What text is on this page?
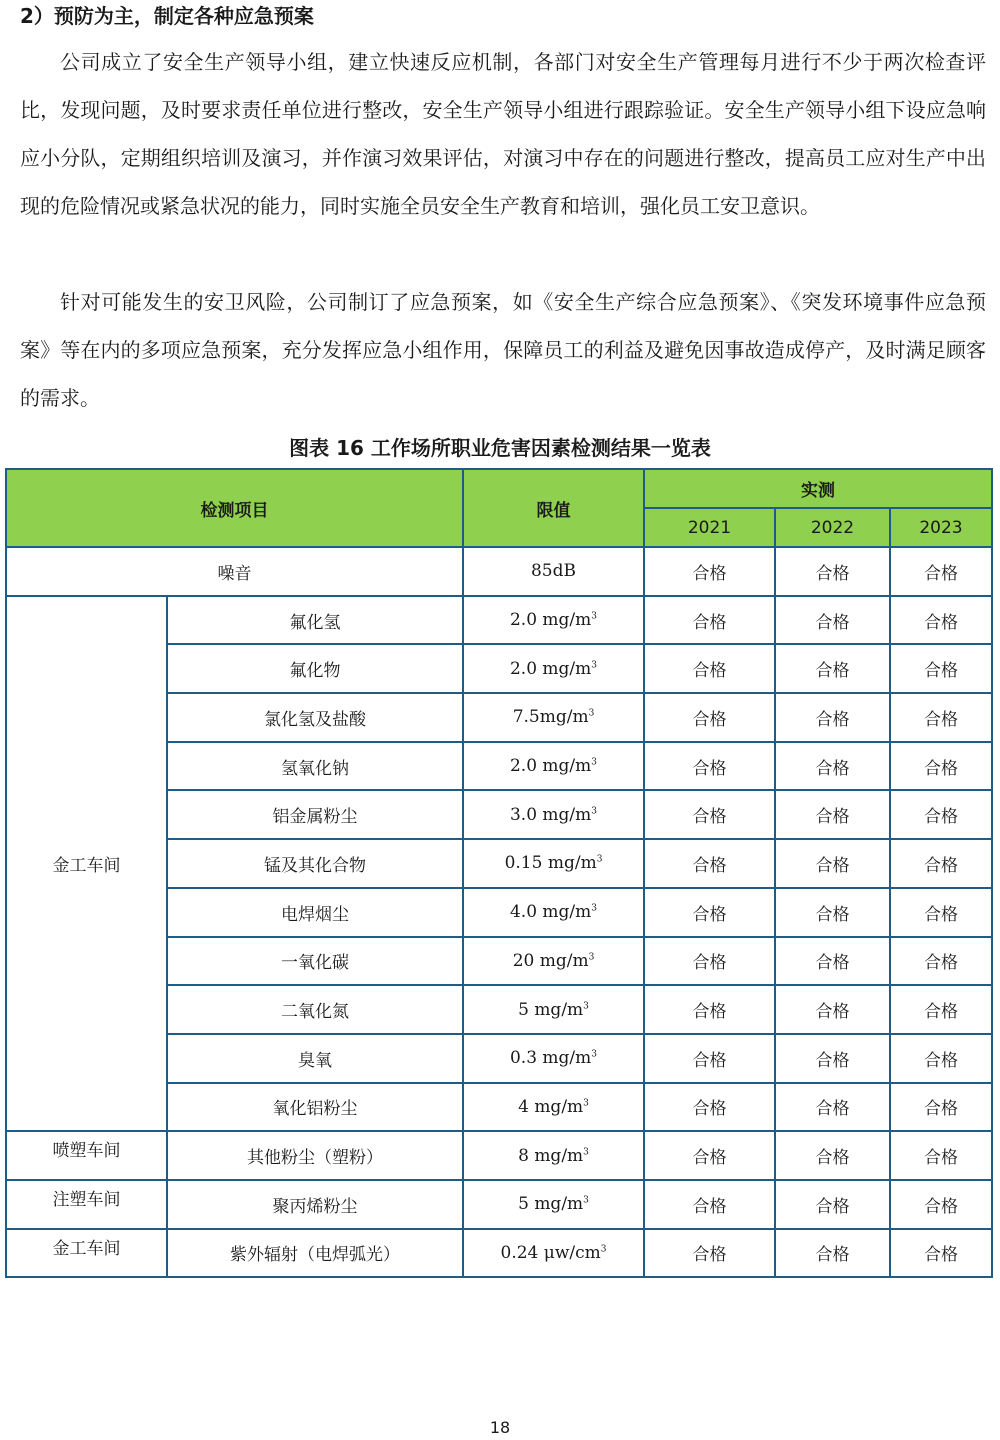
2）预防为主，制定各种应急预案

公司成立了安全生产领导小组，建立快速反应机制，各部门对安全生产管理每月进行不少于两次检查评比，发现问题，及时要求责任单位进行整改，安全生产领导小组进行跟踪验证。安全生产领导小组下设应急响应小分队，定期组织培训及演习，并作演习效果评估，对演习中存在的问题进行整改，提高员工应对生产中出现的危险情况或紧急状况的能力，同时实施全员安全生产教育和培训，强化员工安卫意识。

针对可能发生的安卫风险，公司制订了应急预案，如《安全生产综合应急预案》、《突发环境事件应急预案》等在内的多项应急预案，充分发挥应急小组作用，保障员工的利益及避免因事故造成停产，及时满足顾客的需求。

图表 16 工作场所职业危害因素检测结果一览表
检测项目		限值	实测		
			2021	2022	2023
噪音		85dB	合格	合格	合格
金工车间	氟化氢	2.0 $mg/m^3$	合格	合格	合格
	氟化物	2.0 $mg/m^3$	合格	合格	合格
	氯化氢及盐酸	$7.5mg/m^3$	合格	合格	合格
	氢氧化钠	2.0 $mg/m^3$	合格	合格	合格
	铝金属粉尘	3.0 $mg/m^3$	合格	合格	合格
	锰及其化合物	0.15 $mg/m^3$	合格	合格	合格
	电焊烟尘	4.0 $mg/m^3$	合格	合格	合格
	一氧化碳	20 $mg/m^3$	合格	合格	合格
	二氧化氮	5 $mg/m^3$	合格	合格	合格
	臭氧	0.3 $mg/m^3$	合格	合格	合格
	氧化铝粉尘	4 $mg/m^3$	合格	合格	合格
喷塑车间	其他粉尘（塑粉）	8 $mg/m^3$	合格	合格	合格
注塑车间	聚丙烯粉尘	5 $mg/m^3$	合格	合格	合格
金工车间	紫外辐射（电焊弧光）	0.24 $\mu w/cm^3$	合格	合格	合格
18
